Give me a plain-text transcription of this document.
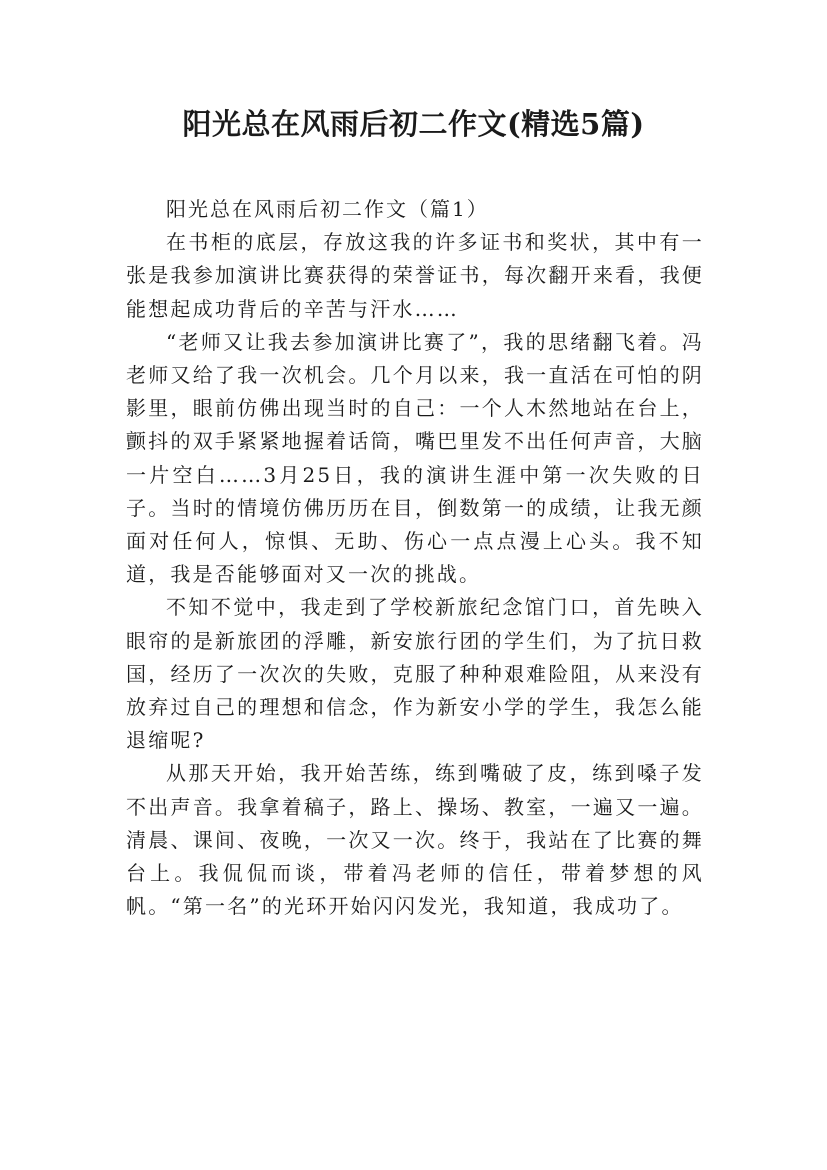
阳光总在风雨后初二作文(精选5篇)

阳光总在风雨后初二作文（篇1）

在书柜的底层，存放这我的许多证书和奖状，其中有一张是我参加演讲比赛获得的荣誉证书，每次翻开来看，我便能想起成功背后的辛苦与汗水……

“老师又让我去参加演讲比赛了”，我的思绪翻飞着。冯老师又给了我一次机会。几个月以来，我一直活在可怕的阴影里，眼前仿佛出现当时的自己：一个人木然地站在台上，颤抖的双手紧紧地握着话筒，嘴巴里发不出任何声音，大脑一片空白……3月25日，我的演讲生涯中第一次失败的日子。当时的情境仿佛历历在目，倒数第一的成绩，让我无颜面对任何人，惊惧、无助、伤心一点点漫上心头。我不知道，我是否能够面对又一次的挑战。

不知不觉中，我走到了学校新旅纪念馆门口，首先映入眼帘的是新旅团的浮雕，新安旅行团的学生们，为了抗日救国，经历了一次次的失败，克服了种种艰难险阻，从来没有放弃过自己的理想和信念，作为新安小学的学生，我怎么能退缩呢?

从那天开始，我开始苦练，练到嘴破了皮，练到嗓子发不出声音。我拿着稿子，路上、操场、教室，一遍又一遍。清晨、课间、夜晚，一次又一次。终于，我站在了比赛的舞台上。我侃侃而谈，带着冯老师的信任，带着梦想的风帆。“第一名”的光环开始闪闪发光，我知道，我成功了。
